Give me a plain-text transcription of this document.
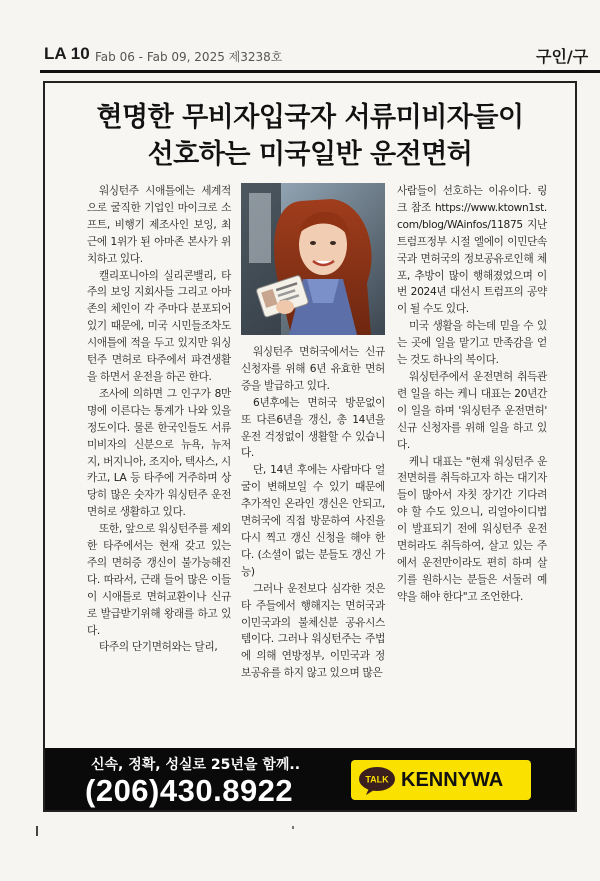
LA 10 Fab 06 - Fab 09, 2025 제3238호	구인/구
현명한 무비자입국자 서류미비자들이
선호하는 미국일반 운전면허

워싱턴주 시애틀에는 세계적으로 굴직한 기업인 마이크로 소프트, 비행기 제조사인 보잉, 최근에 1위가 된 아마존 본사가 위치하고 있다.

캘리포니아의 실리콘밸리, 타주의 보잉 지회사들 그리고 아마존의 체인이 각 주마다 분포되어 있기 때문에, 미국 시민들조차도 시애틀에 적을 두고 있지만 워싱턴주 면허로 타주에서 파견생활을 하면서 운전을 하곤 한다.

조사에 의하면 그 인구가 8만명에 이른다는 통계가 나와 있을 정도이다. 물론 한국인들도 서류 미비자의 신분으로 뉴욕, 뉴저지, 버지니아, 조지아, 텍사스, 시카고, LA 등 타주에 거주하며 상당히 많은 숫자가 워싱턴주 운전면허로 생활하고 있다.

또한, 앞으로 워싱턴주를 제외한 타주에서는 현재 갖고 있는 주의 면허증 갱신이 불가능해진다. 따라서, 근래 들어 많은 이들이 시애틀로 면허교환이나 신규로 발급받기위해 왕래를 하고 있다.

타주의 단기면허와는 달리,

워싱턴주 면허국에서는 신규 신청자를 위해 6년 유효한 면허증을 발급하고 있다.

6년후에는 면허국 방문없이 또 다른6년을 갱신, 총 14년을 운전 걱정없이 생활할 수 있습니다.

단, 14년 후에는 사람마다 얼굴이 변해보일 수 있기 때문에 추가적인 온라인 갱신은 안되고, 면허국에 직접 방문하여 사진을 다시 찍고 갱신 신청을 해야 한다. (소셜이 없는 분들도 갱신 가능)

그러나 운전보다 심각한 것은 타 주들에서 행해지는 면허국과 이민국과의 불체신분 공유시스템이다. 그러나 워싱턴주는 주법에 의해 연방정부, 이민국과 정보공유를 하지 않고 있으며 많은

사람들이 선호하는 이유이다. 링크 참조 https://www.ktown1st.com/blog/WAinfos/11875 지난 트럼프정부 시절 엘에이 이민단속국과 면허국의 정보공유로인해 체포, 추방이 많이 행해졌었으며 이번 2024년 대선시 트럼프의 공약이 될 수도 있다.

미국 생활을 하는데 믿을 수 있는 곳에 일을 맡기고 만족감을 얻는 것도 하나의 복이다.

워싱턴주에서 운전면허 취득관련 일을 하는 케니 대표는 20년간 이 일을 하며 '워싱턴주 운전면허' 신규 신청자를 위해 일을 하고 있다.

케니 대표는 "현재 워싱턴주 운전면허를 취득하고자 하는 대기자들이 많아서 자칫 장기간 기다려야 할 수도 있으니, 리얼아이디법이 발표되기 전에 워싱턴주 운전면허라도 취득하여, 살고 있는 주에서 운전만이라도 편히 하며 살기를 원하시는 분들은 서둘러 예약을 해야 한다"고 조언한다.

신속, 정확, 성실로 25년을 함께..
(206)430.8922	TALK KENNYWA
